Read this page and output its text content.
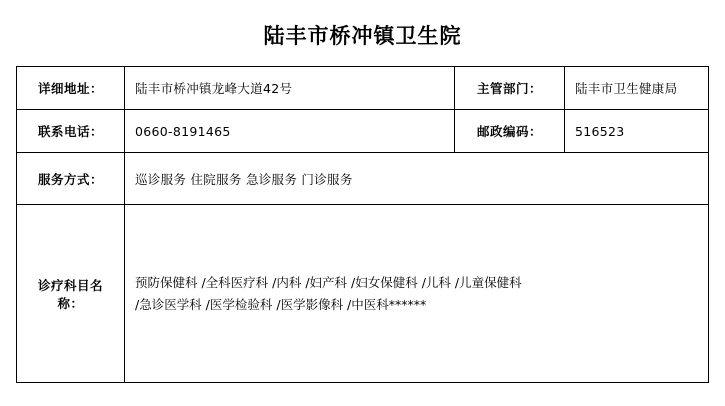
陆丰市桥冲镇卫生院
详细地址：	陆丰市桥冲镇龙峰大道42号	主管部门：	陆丰市卫生健康局
联系电话：	0660-8191465	邮政编码：	516523
服务方式：	巡诊服务 住院服务 急诊服务 门诊服务		
诊疗科目名称：	预防保健科 /全科医疗科 /内科 /妇产科 /妇女保健科 /儿科 /儿童保健科
/急诊医学科 /医学检验科 /医学影像科 /中医科******		
